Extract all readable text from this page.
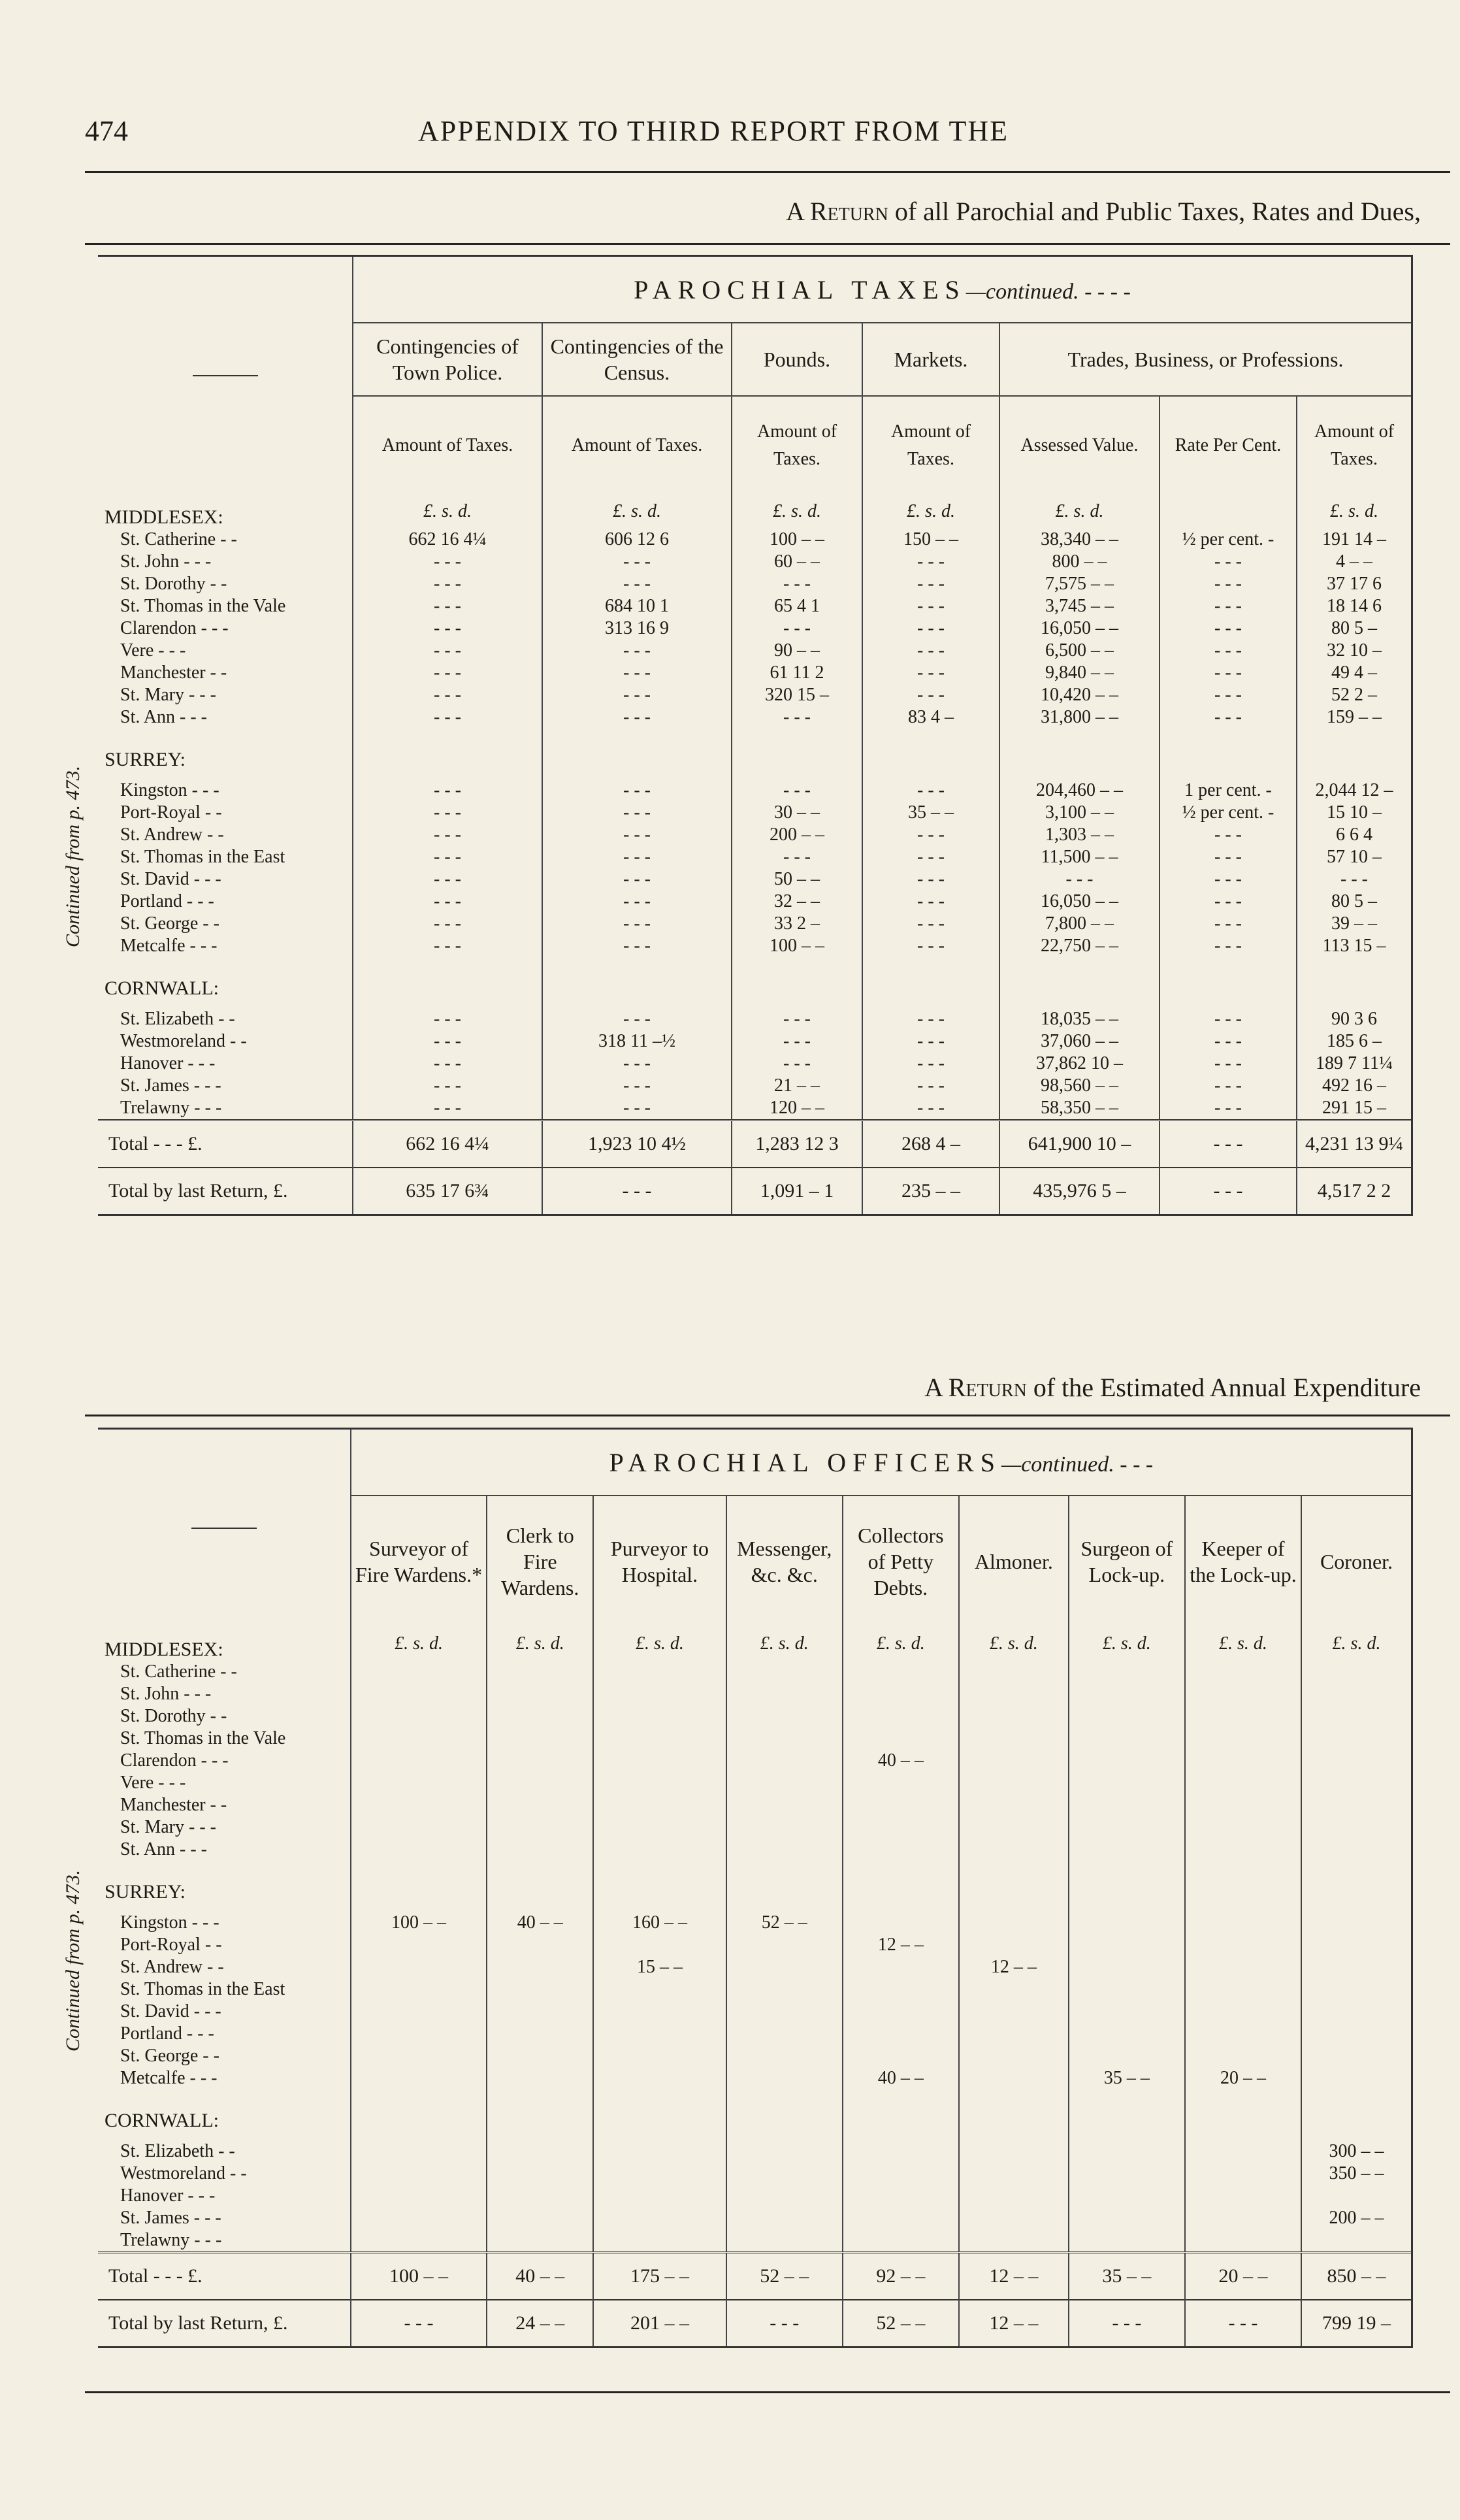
474	APPENDIX TO THIRD REPORT FROM THE
A Return of all Parochial and Public Taxes, Rates and Dues,
Continued from p. 473.
	PAROCHIAL TAXES—continued. - - - -						
	Contingencies of Town Police.	Contingencies of the Census.	Pounds.	Markets.	Trades, Business, or Professions.		
	Amount of Taxes.	Amount of Taxes.	Amount of Taxes.	Amount of Taxes.	Assessed Value.	Rate Per Cent.	Amount of Taxes.
MIDDLESEX:	£. s. d.	£. s. d.	£. s. d.	£. s. d.	£. s. d.		£. s. d.
St. Catherine - -	662 16 4¼	606 12 6	100 – –	150 – –	38,340 – –	½ per cent. -	191 14 –
St. John - - -	- - -	- - -	60 – –	- - -	800 – –	- - -	4 – –
St. Dorothy - -	- - -	- - -	- - -	- - -	7,575 – –	- - -	37 17 6
St. Thomas in the Vale	- - -	684 10 1	65 4 1	- - -	3,745 – –	- - -	18 14 6
Clarendon - - -	- - -	313 16 9	- - -	- - -	16,050 – –	- - -	80 5 –
Vere - - -	- - -	- - -	90 – –	- - -	6,500 – –	- - -	32 10 –
Manchester - -	- - -	- - -	61 11 2	- - -	9,840 – –	- - -	49 4 –
St. Mary - - -	- - -	- - -	320 15 –	- - -	10,420 – –	- - -	52 2 –
St. Ann - - -	- - -	- - -	- - -	83 4 –	31,800 – –	- - -	159 – –
SURREY:							
Kingston - - -	- - -	- - -	- - -	- - -	204,460 – –	1 per cent. -	2,044 12 –
Port-Royal - -	- - -	- - -	30 – –	35 – –	3,100 – –	½ per cent. -	15 10 –
St. Andrew - -	- - -	- - -	200 – –	- - -	1,303 – –	- - -	6 6 4
St. Thomas in the East	- - -	- - -	- - -	- - -	11,500 – –	- - -	57 10 –
St. David - - -	- - -	- - -	50 – –	- - -	- - -	- - -	- - -
Portland - - -	- - -	- - -	32 – –	- - -	16,050 – –	- - -	80 5 –
St. George - -	- - -	- - -	33 2 –	- - -	7,800 – –	- - -	39 – –
Metcalfe - - -	- - -	- - -	100 – –	- - -	22,750 – –	- - -	113 15 –
CORNWALL:							
St. Elizabeth - -	- - -	- - -	- - -	- - -	18,035 – –	- - -	90 3 6
Westmoreland - -	- - -	318 11 –½	- - -	- - -	37,060 – –	- - -	185 6 –
Hanover - - -	- - -	- - -	- - -	- - -	37,862 10 –	- - -	189 7 11¼
St. James - - -	- - -	- - -	21 – –	- - -	98,560 – –	- - -	492 16 –
Trelawny - - -	- - -	- - -	120 – –	- - -	58,350 – –	- - -	291 15 –
Total - - - £.	662 16 4¼	1,923 10 4½	1,283 12 3	268 4 –	641,900 10 –	- - -	4,231 13 9¼
Total by last Return, £.	635 17 6¾	- - -	1,091 – 1	235 – –	435,976 5 –	- - -	4,517 2 2
A Return of the Estimated Annual Expenditure
Continued from p. 473.
	PAROCHIAL OFFICERS—continued. - - -								
	Surveyor of Fire Wardens.*	Clerk to Fire Wardens.	Purveyor to Hospital.	Messenger, &c. &c.	Collectors of Petty Debts.	Almoner.	Surgeon of Lock-up.	Keeper of the Lock-up.	Coroner.
MIDDLESEX:	£. s. d.	£. s. d.	£. s. d.	£. s. d.	£. s. d.	£. s. d.	£. s. d.	£. s. d.	£. s. d.
St. Catherine - -									
St. John - - -									
St. Dorothy - -									
St. Thomas in the Vale									
Clarendon - - -					40 – –				
Vere - - -									
Manchester - -									
St. Mary - - -									
St. Ann - - -									
SURREY:									
Kingston - - -	100 – –	40 – –	160 – –	52 – –					
Port-Royal - -					12 – –				
St. Andrew - -			15 – –			12 – –			
St. Thomas in the East									
St. David - - -									
Portland - - -									
St. George - -									
Metcalfe - - -					40 – –		35 – –	20 – –	
CORNWALL:									
St. Elizabeth - -									300 – –
Westmoreland - -									350 – –
Hanover - - -									
St. James - - -									200 – –
Trelawny - - -									
Total - - - £.	100 – –	40 – –	175 – –	52 – –	92 – –	12 – –	35 – –	20 – –	850 – –
Total by last Return, £.	- - -	24 – –	201 – –	- - -	52 – –	12 – –	- - -	- - -	799 19 –
